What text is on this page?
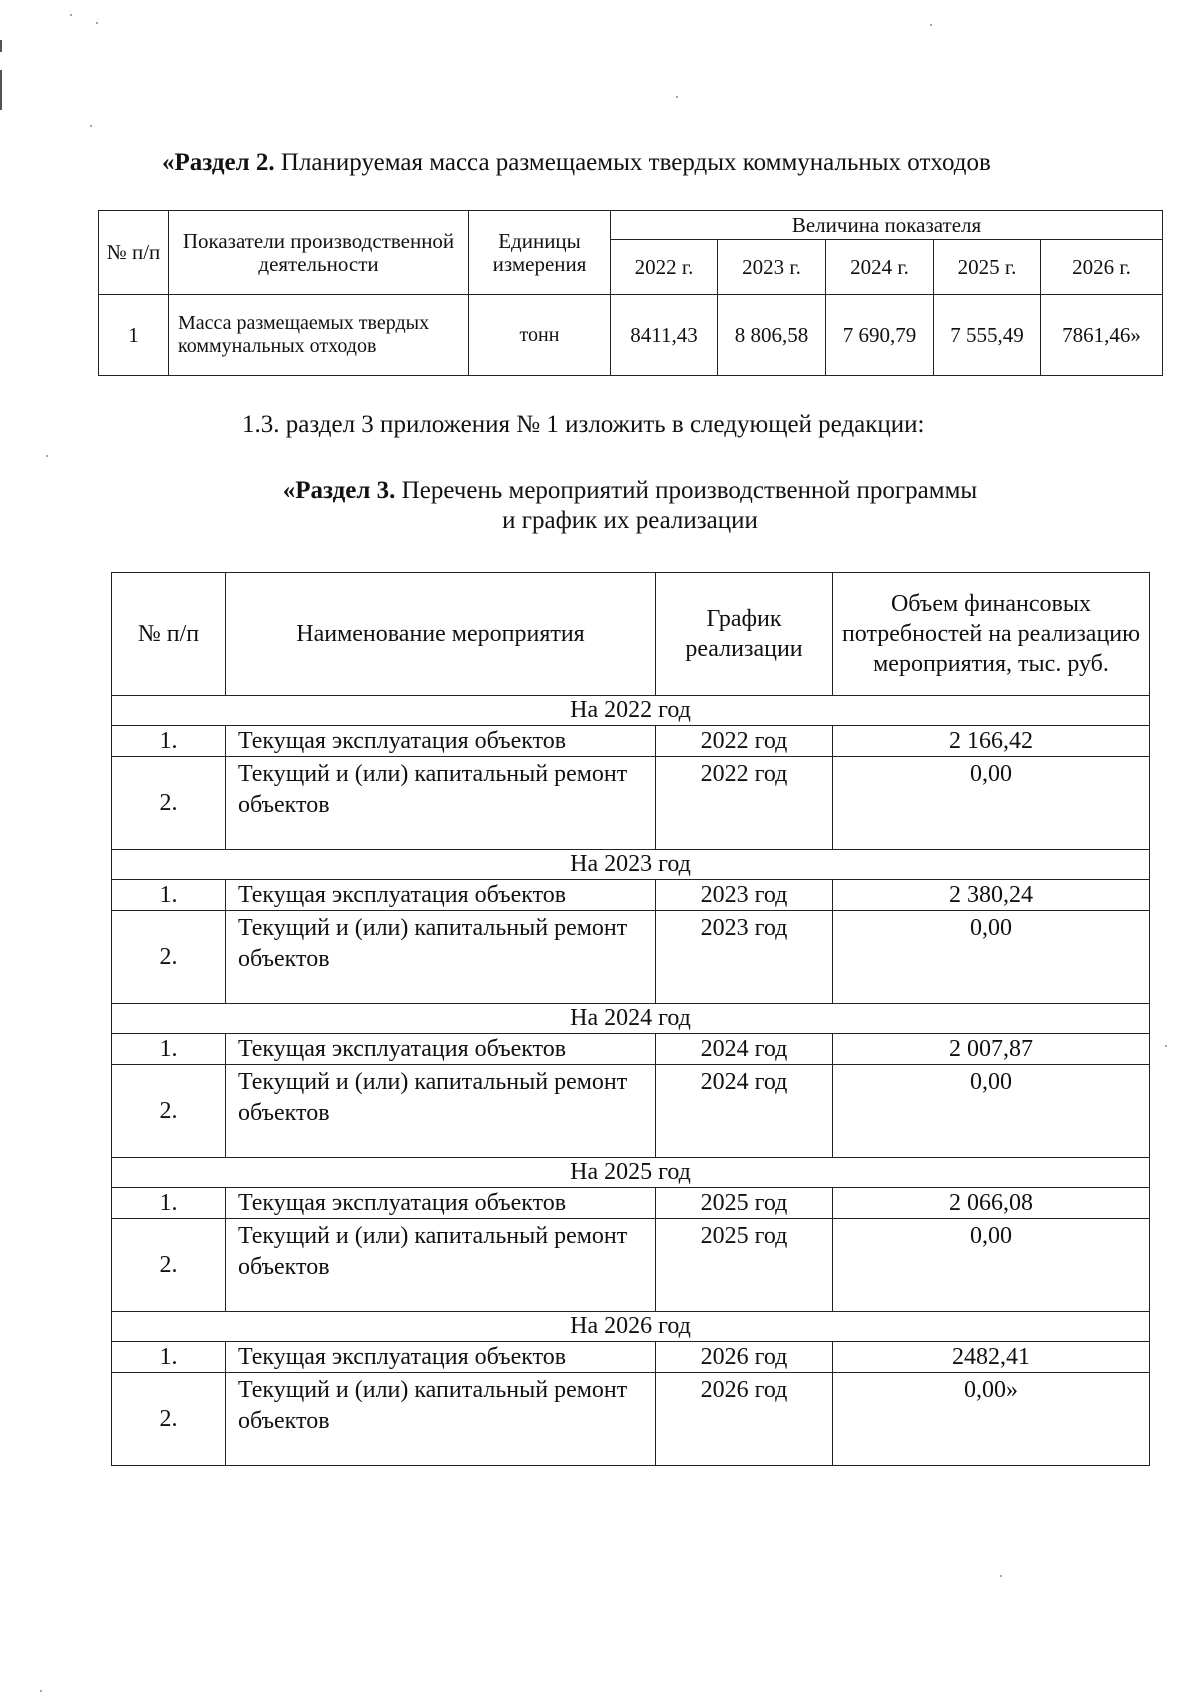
«Раздел 2. Планируемая масса размещаемых твердых коммунальных отходов
№ п/п	Показатели производственной деятельности	Единицы измерения	Величина показателя				
			2022 г.	2023 г.	2024 г.	2025 г.	2026 г.
1	Масса размещаемых твердых коммунальных отходов	тонн	8411,43	8 806,58	7 690,79	7 555,49	7861,46»
1.3. раздел 3 приложения № 1 изложить в следующей редакции:
«Раздел 3. Перечень мероприятий производственной программы
и график их реализации
№ п/п	Наименование мероприятия	График реализации	Объем финансовых потребностей на реализацию мероприятия, тыс. руб.
На 2022 год			
1.	Текущая эксплуатация объектов	2022 год	2 166,42
2.	Текущий и (или) капитальный ремонт объектов	2022 год	0,00
На 2023 год			
1.	Текущая эксплуатация объектов	2023 год	2 380,24
2.	Текущий и (или) капитальный ремонт объектов	2023 год	0,00
На 2024 год			
1.	Текущая эксплуатация объектов	2024 год	2 007,87
2.	Текущий и (или) капитальный ремонт объектов	2024 год	0,00
На 2025 год			
1.	Текущая эксплуатация объектов	2025 год	2 066,08
2.	Текущий и (или) капитальный ремонт объектов	2025 год	0,00
На 2026 год			
1.	Текущая эксплуатация объектов	2026 год	2482,41
2.	Текущий и (или) капитальный ремонт объектов	2026 год	0,00»
